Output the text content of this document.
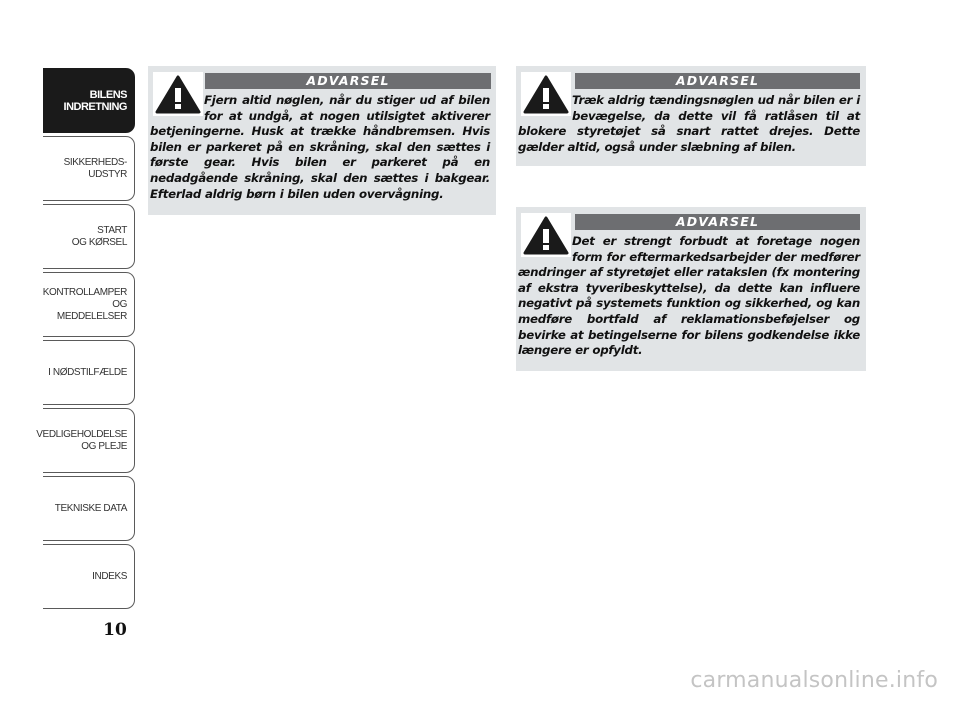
BILENS
INDRETNING
SIKKERHEDS-
UDSTYR
START
OG KØRSEL
KONTROLLAMPER
OG MEDDELELSER
I NØDSTILFÆLDE
VEDLIGEHOLDELSE
OG PLEJE
TEKNISKE DATA
INDEKS
10
ADVARSEL
Fjern altid nøglen, når du stiger ud af bilen for at undgå, at nogen utilsigtet aktiverer betjeningerne. Husk at trække håndbremsen. Hvis bilen er parkeret på en skråning, skal den sættes i første gear. Hvis bilen er parkeret på en nedadgående skråning, skal den sættes i bakgear. Efterlad aldrig børn i bilen uden overvågning.
ADVARSEL
Træk aldrig tændingsnøglen ud når bilen er i bevægelse, da dette vil få ratlåsen til at blokere styretøjet så snart rattet drejes. Dette gælder altid, også under slæbning af bilen.
ADVARSEL
Det er strengt forbudt at foretage nogen form for eftermarkedsarbejder der medfører ændringer af styretøjet eller ratakslen (fx montering af ekstra tyveribeskyttelse), da dette kan influere negativt på systemets funktion og sikkerhed, og kan medføre bortfald af reklamationsbeføjelser og bevirke at betingelserne for bilens godkendelse ikke længere er opfyldt.
carmanualsonline.info
